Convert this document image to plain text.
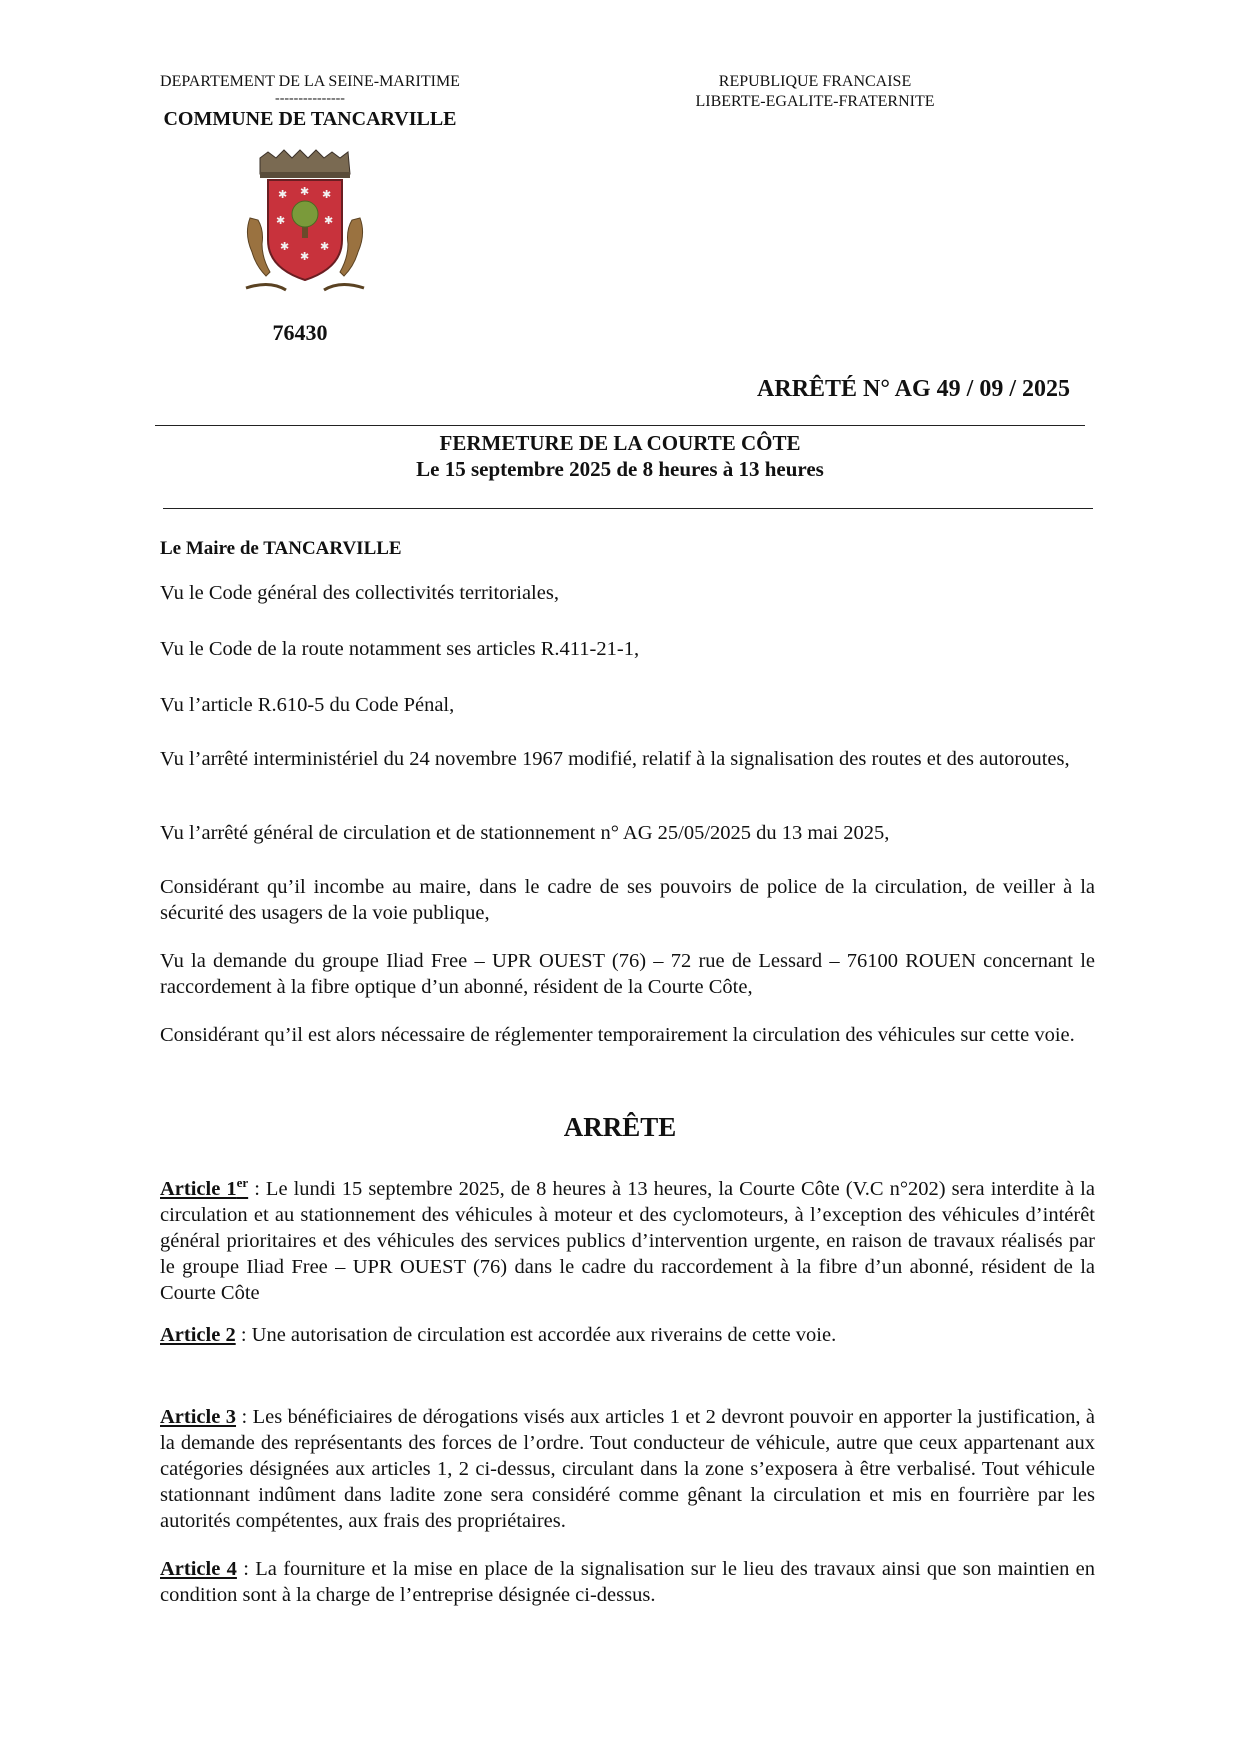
DEPARTEMENT DE LA SEINE-MARITIME
---------------
COMMUNE DE TANCARVILLE
REPUBLIQUE FRANCAISE
LIBERTE-EGALITE-FRATERNITE
✱ ✱ ✱
✱	✱
✱
✱
✱
76430
ARRÊTÉ N° AG 49 / 09 / 2025
FERMETURE DE LA COURTE CÔTE
Le 15 septembre 2025 de 8 heures à 13 heures
Le Maire de TANCARVILLE
Vu le Code général des collectivités territoriales,
Vu le Code de la route notamment ses articles R.411-21-1,
Vu l’article R.610-5 du Code Pénal,
Vu l’arrêté interministériel du 24 novembre 1967 modifié, relatif à la signalisation des routes et des autoroutes,
Vu l’arrêté général de circulation et de stationnement n° AG 25/05/2025 du 13 mai 2025,
Considérant qu’il incombe au maire, dans le cadre de ses pouvoirs de police de la circulation, de veiller à la sécurité des usagers de la voie publique,
Vu la demande du groupe Iliad Free – UPR OUEST (76) – 72 rue de Lessard – 76100 ROUEN concernant le raccordement à la fibre optique d’un abonné, résident de la Courte Côte,
Considérant qu’il est alors nécessaire de réglementer temporairement la circulation des véhicules sur cette voie.
ARRÊTE
Article 1er : Le lundi 15 septembre 2025, de 8 heures à 13 heures, la Courte Côte (V.C n°202) sera interdite à la circulation et au stationnement des véhicules à moteur et des cyclomoteurs, à l’exception des véhicules d’intérêt général prioritaires et des véhicules des services publics d’intervention urgente, en raison de travaux réalisés par le groupe Iliad Free – UPR OUEST (76) dans le cadre du raccordement à la fibre d’un abonné, résident de la Courte Côte
Article 2 : Une autorisation de circulation est accordée aux riverains de cette voie.
Article 3 : Les bénéficiaires de dérogations visés aux articles 1 et 2 devront pouvoir en apporter la justification, à la demande des représentants des forces de l’ordre. Tout conducteur de véhicule, autre que ceux appartenant aux catégories désignées aux articles 1, 2 ci-dessus, circulant dans la zone s’exposera à être verbalisé. Tout véhicule stationnant indûment dans ladite zone sera considéré comme gênant la circulation et mis en fourrière par les autorités compétentes, aux frais des propriétaires.
Article 4 : La fourniture et la mise en place de la signalisation sur le lieu des travaux ainsi que son maintien en condition sont à la charge de l’entreprise désignée ci-dessus.
